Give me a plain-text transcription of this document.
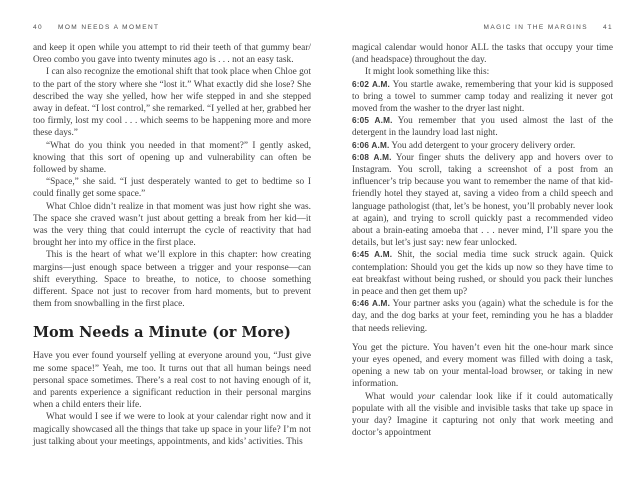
40 MOM NEEDS A MOMENT

and keep it open while you attempt to rid their teeth of that gummy bear/ Oreo combo you gave into twenty minutes ago is . . . not an easy task.

I can also recognize the emotional shift that took place when Chloe got to the part of the story where she “lost it.” What exactly did she lose? She described the way she yelled, how her wife stepped in and she stepped away in defeat. “I lost control,” she remarked. “I yelled at her, grabbed her too firmly, lost my cool . . . which seems to be happening more and more these days.”

“What do you think you needed in that moment?” I gently asked, knowing that this sort of opening up and vulnerability can often be followed by shame.

“Space,” she said. “I just desperately wanted to get to bedtime so I could finally get some space.”

What Chloe didn’t realize in that moment was just how right she was. The space she craved wasn’t just about getting a break from her kid—it was the very thing that could interrupt the cycle of reactivity that had brought her into my office in the first place.

This is the heart of what we’ll explore in this chapter: how creating margins—just enough space between a trigger and your response—can shift everything. Space to breathe, to notice, to choose something different. Space not just to recover from hard moments, but to prevent them from snowballing in the first place.

Mom Needs a Minute (or More)

Have you ever found yourself yelling at everyone around you, “Just give me some space!” Yeah, me too. It turns out that all human beings need personal space sometimes. There’s a real cost to not having enough of it, and parents experience a significant reduction in their personal margins when a child enters their life.

What would I see if we were to look at your calendar right now and it magically showcased all the things that take up space in your life? I’m not just talking about your meetings, appointments, and kids’ activities. This

MAGIC IN THE MARGINS 41

magical calendar would honor ALL the tasks that occupy your time (and headspace) throughout the day.

It might look something like this:

6:02 A.M. You startle awake, remembering that your kid is supposed to bring a towel to summer camp today and realizing it never got moved from the washer to the dryer last night.

6:05 A.M. You remember that you used almost the last of the detergent in the laundry load last night.

6:06 A.M. You add detergent to your grocery delivery order.

6:08 A.M. Your finger shuts the delivery app and hovers over to Instagram. You scroll, taking a screenshot of a post from an influencer’s trip because you want to remember the name of that kid-friendly hotel they stayed at, saving a video from a child speech and language pathologist (that, let’s be honest, you’ll probably never look at again), and trying to scroll quickly past a recommended video about a brain-eating amoeba that . . . never mind, I’ll spare you the details, but let’s just say: new fear unlocked.

6:45 A.M. Shit, the social media time suck struck again. Quick contemplation: Should you get the kids up now so they have time to eat breakfast without being rushed, or should you pack their lunches in peace and then get them up?

6:46 A.M. Your partner asks you (again) what the schedule is for the day, and the dog barks at your feet, reminding you he has a bladder that needs relieving.

You get the picture. You haven’t even hit the one-hour mark since your eyes opened, and every moment was filled with doing a task, opening a new tab on your mental-load browser, or taking in new information.

What would your calendar look like if it could automatically populate with all the visible and invisible tasks that take up space in your day? Imagine it capturing not only that work meeting and doctor’s appointment
